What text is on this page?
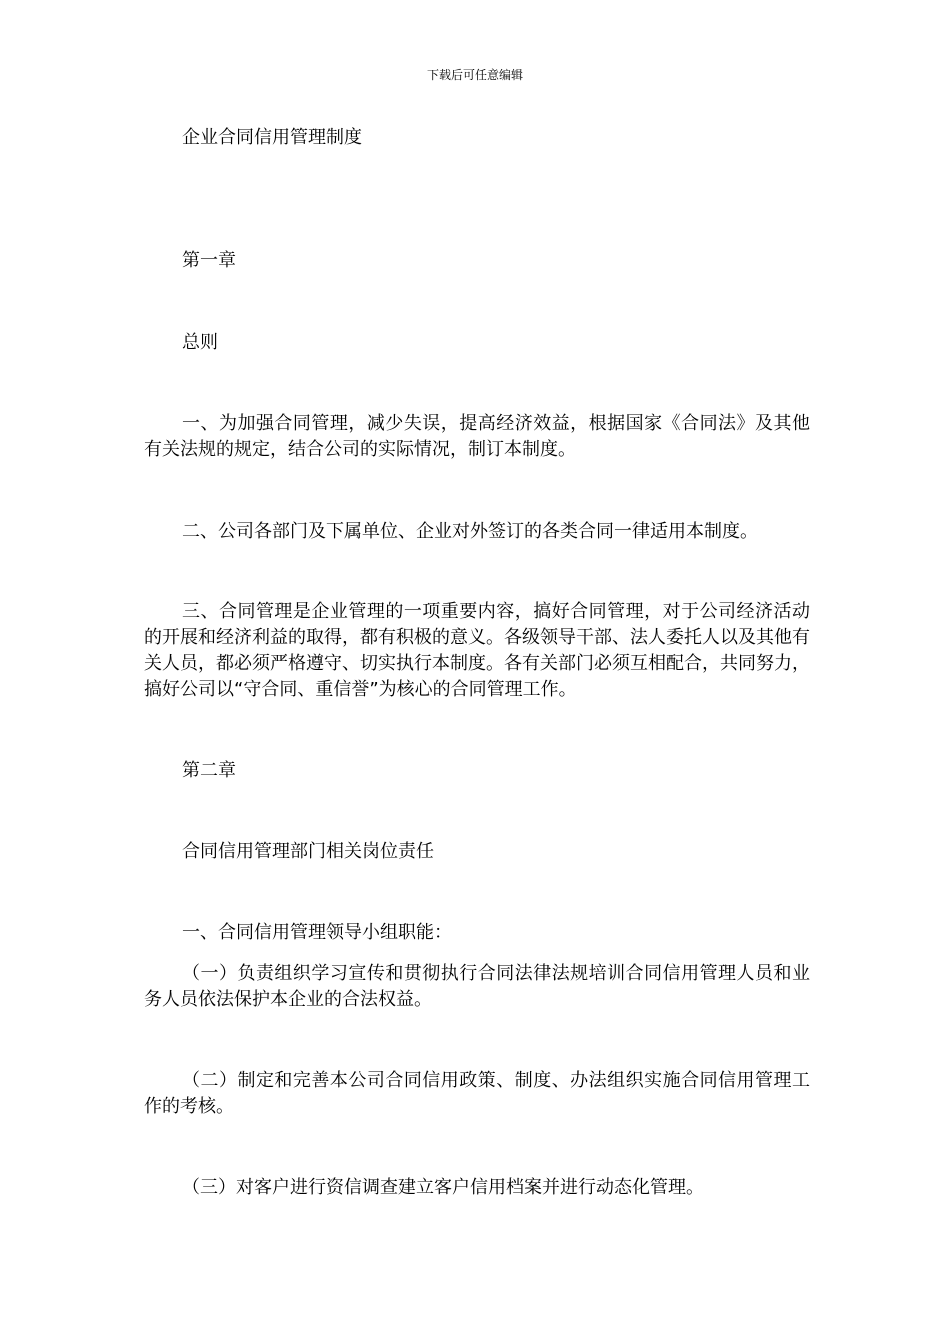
下载后可任意编辑
企业合同信用管理制度
第一章
总则
一、为加强合同管理，减少失误，提高经济效益，根据国家《合同法》及其他有关法规的规定，结合公司的实际情况，制订本制度。
二、公司各部门及下属单位、企业对外签订的各类合同一律适用本制度。
三、合同管理是企业管理的一项重要内容，搞好合同管理，对于公司经济活动的开展和经济利益的取得，都有积极的意义。各级领导干部、法人委托人以及其他有关人员，都必须严格遵守、切实执行本制度。各有关部门必须互相配合，共同努力，搞好公司以“守合同、重信誉”为核心的合同管理工作。
第二章
合同信用管理部门相关岗位责任
一、合同信用管理领导小组职能：
（一）负责组织学习宣传和贯彻执行合同法律法规培训合同信用管理人员和业务人员依法保护本企业的合法权益。
（二）制定和完善本公司合同信用政策、制度、办法组织实施合同信用管理工作的考核。
（三）对客户进行资信调查建立客户信用档案并进行动态化管理。
